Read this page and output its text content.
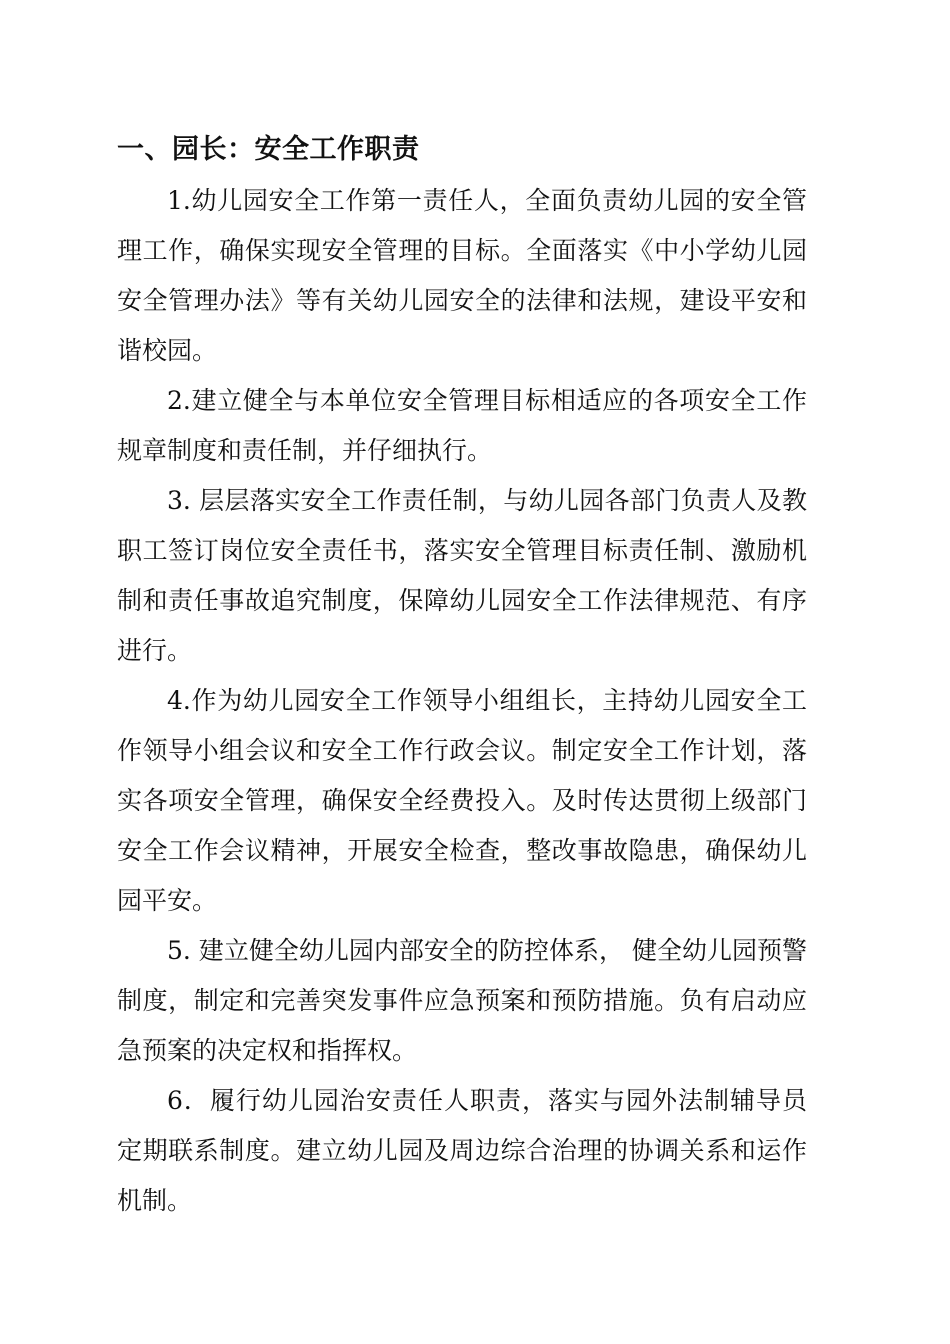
一、园长：安全工作职责

1.幼儿园安全工作第一责任人，全面负责幼儿园的安全管理工作，确保实现安全管理的目标。全面落实《中小学幼儿园安全管理办法》等有关幼儿园安全的法律和法规，建设平安和谐校园。

2.建立健全与本单位安全管理目标相适应的各项安全工作规章制度和责任制，并仔细执行。

3. 层层落实安全工作责任制，与幼儿园各部门负责人及教职工签订岗位安全责任书，落实安全管理目标责任制、激励机制和责任事故追究制度，保障幼儿园安全工作法律规范、有序进行。

4.作为幼儿园安全工作领导小组组长，主持幼儿园安全工作领导小组会议和安全工作行政会议。制定安全工作计划，落实各项安全管理，确保安全经费投入。及时传达贯彻上级部门安全工作会议精神，开展安全检查，整改事故隐患，确保幼儿园平安。

5. 建立健全幼儿园内部安全的防控体系， 健全幼儿园预警制度，制定和完善突发事件应急预案和预防措施。负有启动应急预案的决定权和指挥权。

6．履行幼儿园治安责任人职责，落实与园外法制辅导员定期联系制度。建立幼儿园及周边综合治理的协调关系和运作机制。
